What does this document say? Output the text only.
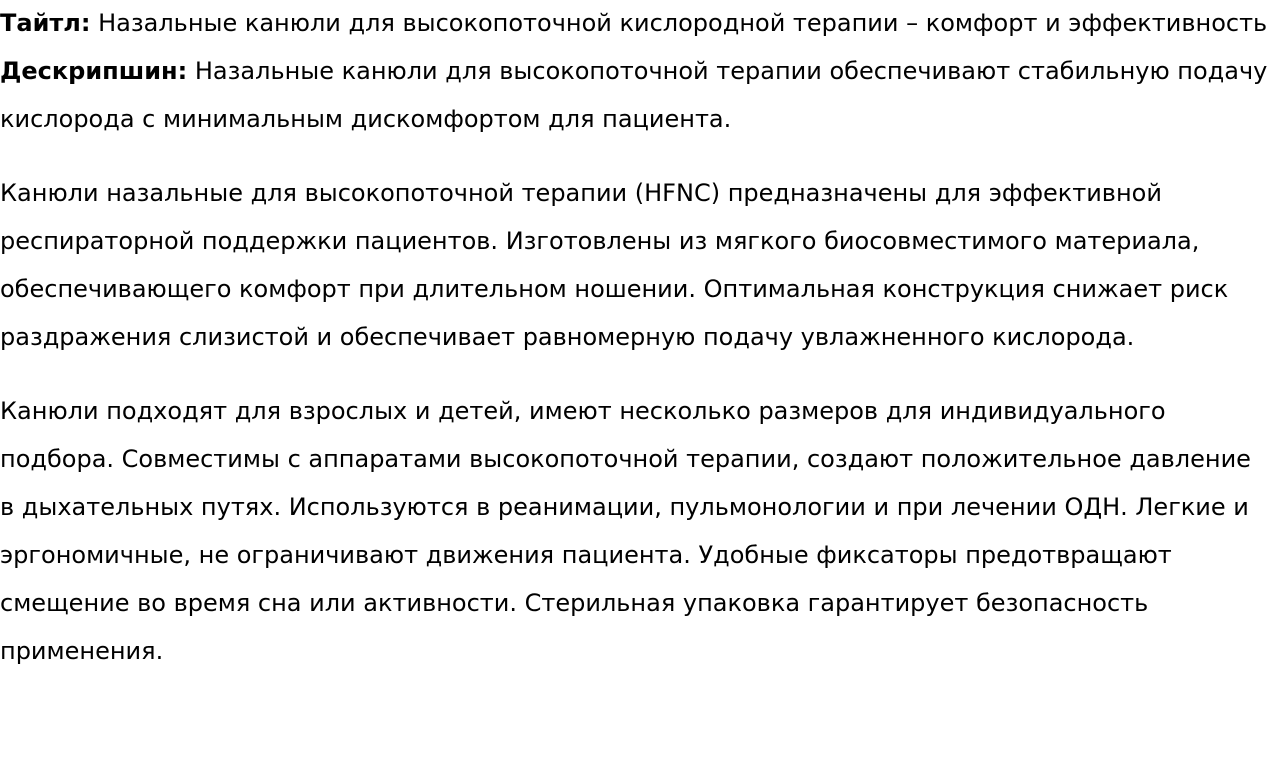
Тайтл: Назальные канюли для высокопоточной кислородной терапии – комфорт и эффективность Дескрипшин: Назальные канюли для высокопоточной терапии обеспечивают стабильную подачу кислорода с минимальным дискомфортом для пациента.

Канюли назальные для высокопоточной терапии (HFNC) предназначены для эффективной респираторной поддержки пациентов. Изготовлены из мягкого биосовместимого материала, обеспечивающего комфорт при длительном ношении. Оптимальная конструкция снижает риск раздражения слизистой и обеспечивает равномерную подачу увлажненного кислорода.

Канюли подходят для взрослых и детей, имеют несколько размеров для индивидуального подбора. Совместимы с аппаратами высокопоточной терапии, создают положительное давление в дыхательных путях. Используются в реанимации, пульмонологии и при лечении ОДН. Легкие и эргономичные, не ограничивают движения пациента. Удобные фиксаторы предотвращают смещение во время сна или активности. Стерильная упаковка гарантирует безопасность применения.
